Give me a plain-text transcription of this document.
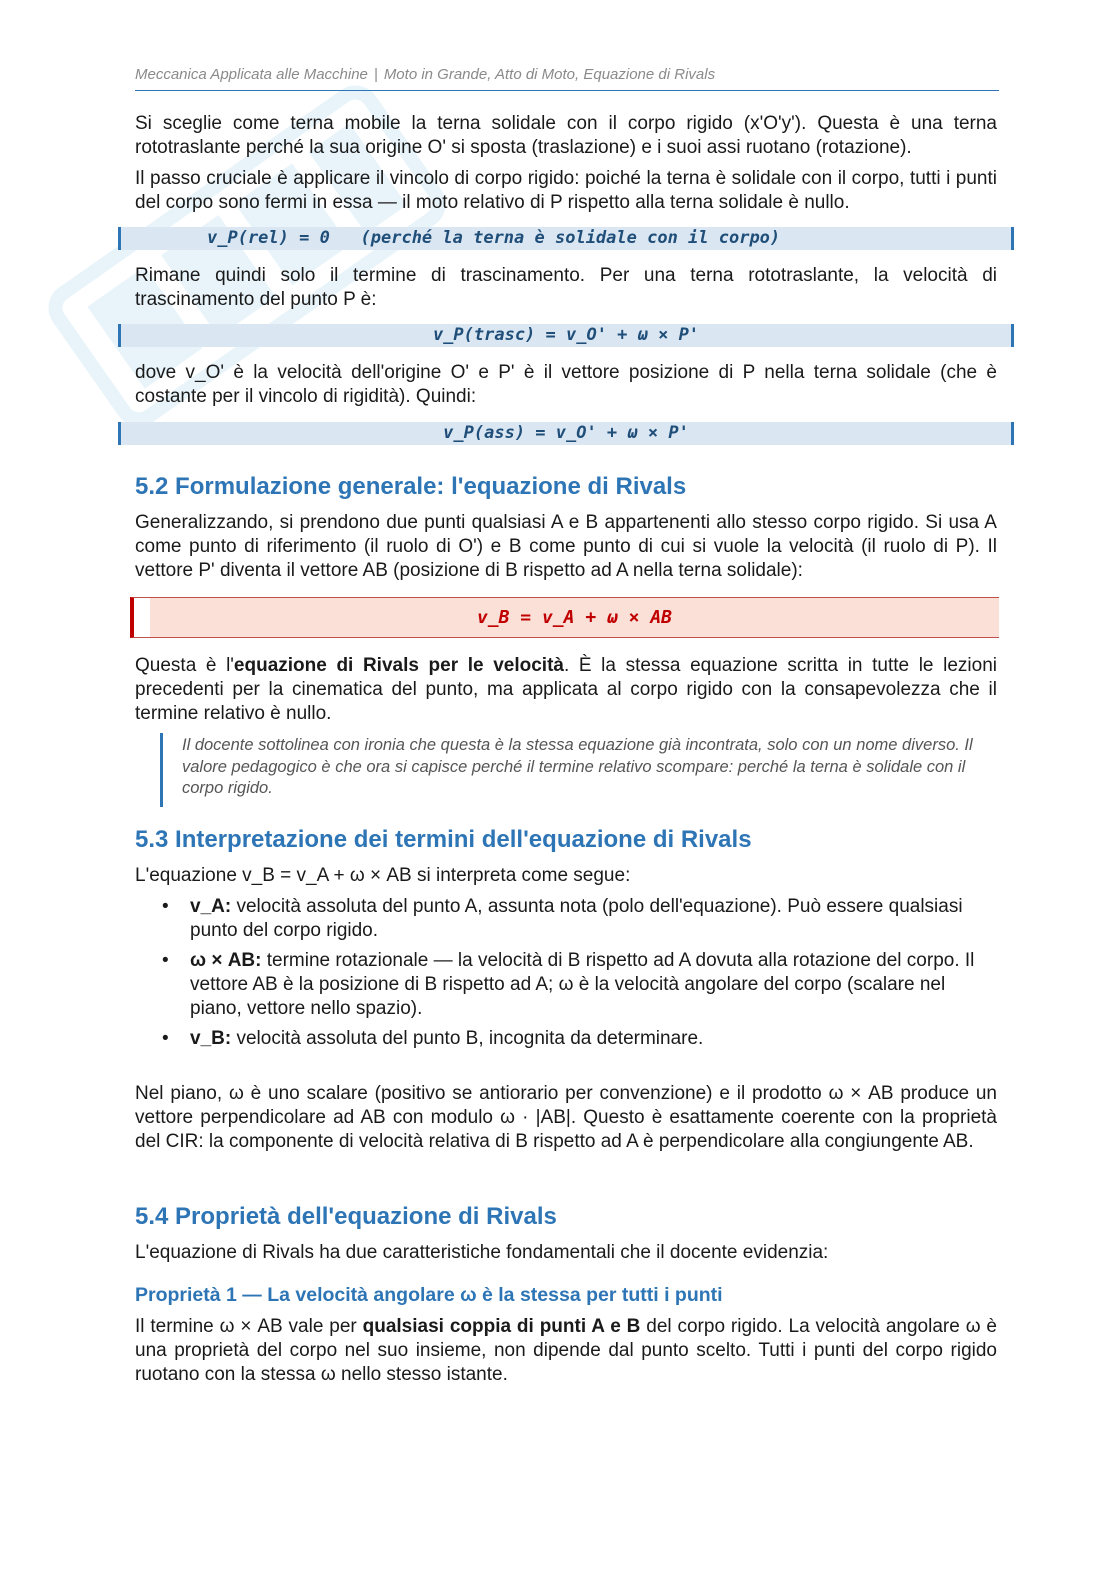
Meccanica Applicata alle Macchine | Moto in Grande, Atto di Moto, Equazione di Rivals

Si sceglie come terna mobile la terna solidale con il corpo rigido (x'O'y'). Questa è una terna rototraslante perché la sua origine O' si sposta (traslazione) e i suoi assi ruotano (rotazione).

Il passo cruciale è applicare il vincolo di corpo rigido: poiché la terna è solidale con il corpo, tutti i punti del corpo sono fermi in essa — il moto relativo di P rispetto alla terna solidale è nullo.

v_P(rel) = 0   (perché la terna è solidale con il corpo)

Rimane quindi solo il termine di trascinamento. Per una terna rototraslante, la velocità di trascinamento del punto P è:

v_P(trasc) = v_O' + ω × P'

dove v_O' è la velocità dell'origine O' e P' è il vettore posizione di P nella terna solidale (che è costante per il vincolo di rigidità). Quindi:

v_P(ass) = v_O' + ω × P'
5.2 Formulazione generale: l'equazione di Rivals

Generalizzando, si prendono due punti qualsiasi A e B appartenenti allo stesso corpo rigido. Si usa A come punto di riferimento (il ruolo di O') e B come punto di cui si vuole la velocità (il ruolo di P). Il vettore P' diventa il vettore AB (posizione di B rispetto ad A nella terna solidale):

v_B = v_A + ω × AB

Questa è l'equazione di Rivals per le velocità. È la stessa equazione scritta in tutte le lezioni precedenti per la cinematica del punto, ma applicata al corpo rigido con la consapevolezza che il termine relativo è nullo.

Il docente sottolinea con ironia che questa è la stessa equazione già incontrata, solo con un nome diverso. Il valore pedagogico è che ora si capisce perché il termine relativo scompare: perché la terna è solidale con il corpo rigido.
5.3 Interpretazione dei termini dell'equazione di Rivals

L'equazione v_B = v_A + ω × AB si interpreta come segue:

• v_A: velocità assoluta del punto A, assunta nota (polo dell'equazione). Può essere qualsiasi punto del corpo rigido.
• ω × AB: termine rotazionale — la velocità di B rispetto ad A dovuta alla rotazione del corpo. Il vettore AB è la posizione di B rispetto ad A; ω è la velocità angolare del corpo (scalare nel piano, vettore nello spazio).
• v_B: velocità assoluta del punto B, incognita da determinare.

Nel piano, ω è uno scalare (positivo se antiorario per convenzione) e il prodotto ω × AB produce un vettore perpendicolare ad AB con modulo ω · |AB|. Questo è esattamente coerente con la proprietà del CIR: la componente di velocità relativa di B rispetto ad A è perpendicolare alla congiungente AB.

5.4 Proprietà dell'equazione di Rivals

L'equazione di Rivals ha due caratteristiche fondamentali che il docente evidenzia:

Proprietà 1 — La velocità angolare ω è la stessa per tutti i punti

Il termine ω × AB vale per qualsiasi coppia di punti A e B del corpo rigido. La velocità angolare ω è una proprietà del corpo nel suo insieme, non dipende dal punto scelto. Tutti i punti del corpo rigido ruotano con la stessa ω nello stesso istante.
